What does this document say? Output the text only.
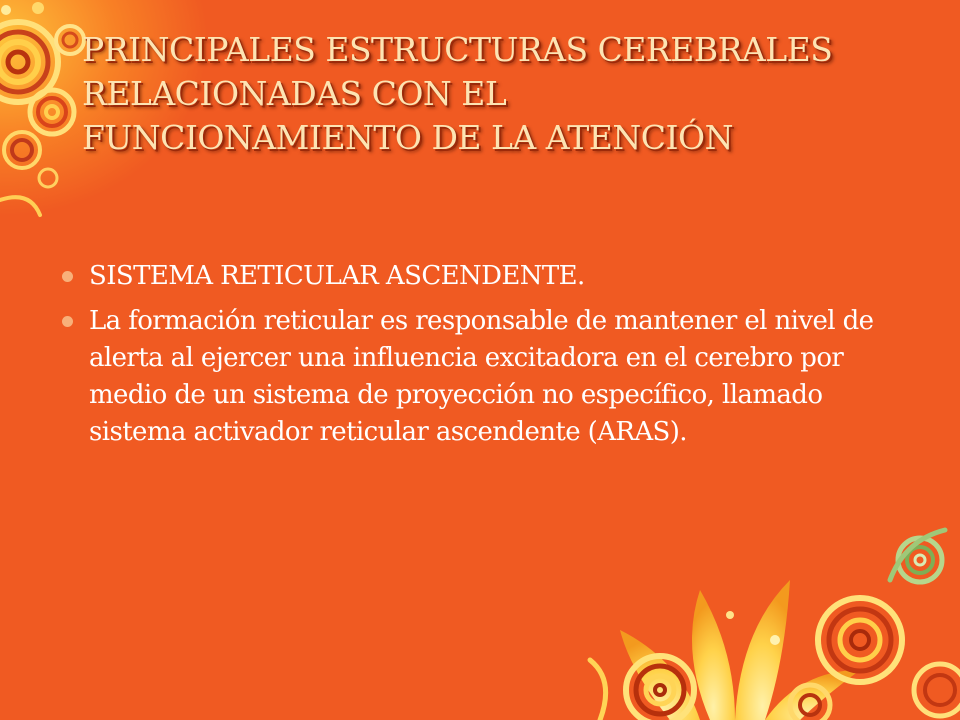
PRINCIPALES ESTRUCTURAS CEREBRALES
RELACIONADAS CON EL
FUNCIONAMIENTO DE LA ATENCIÓN
SISTEMA RETICULAR ASCENDENTE.
La formación reticular es responsable de mantener el nivel de alerta al ejercer una influencia excitadora en el cerebro por medio de un sistema de proyección no específico, llamado sistema activador reticular ascendente (ARAS).
